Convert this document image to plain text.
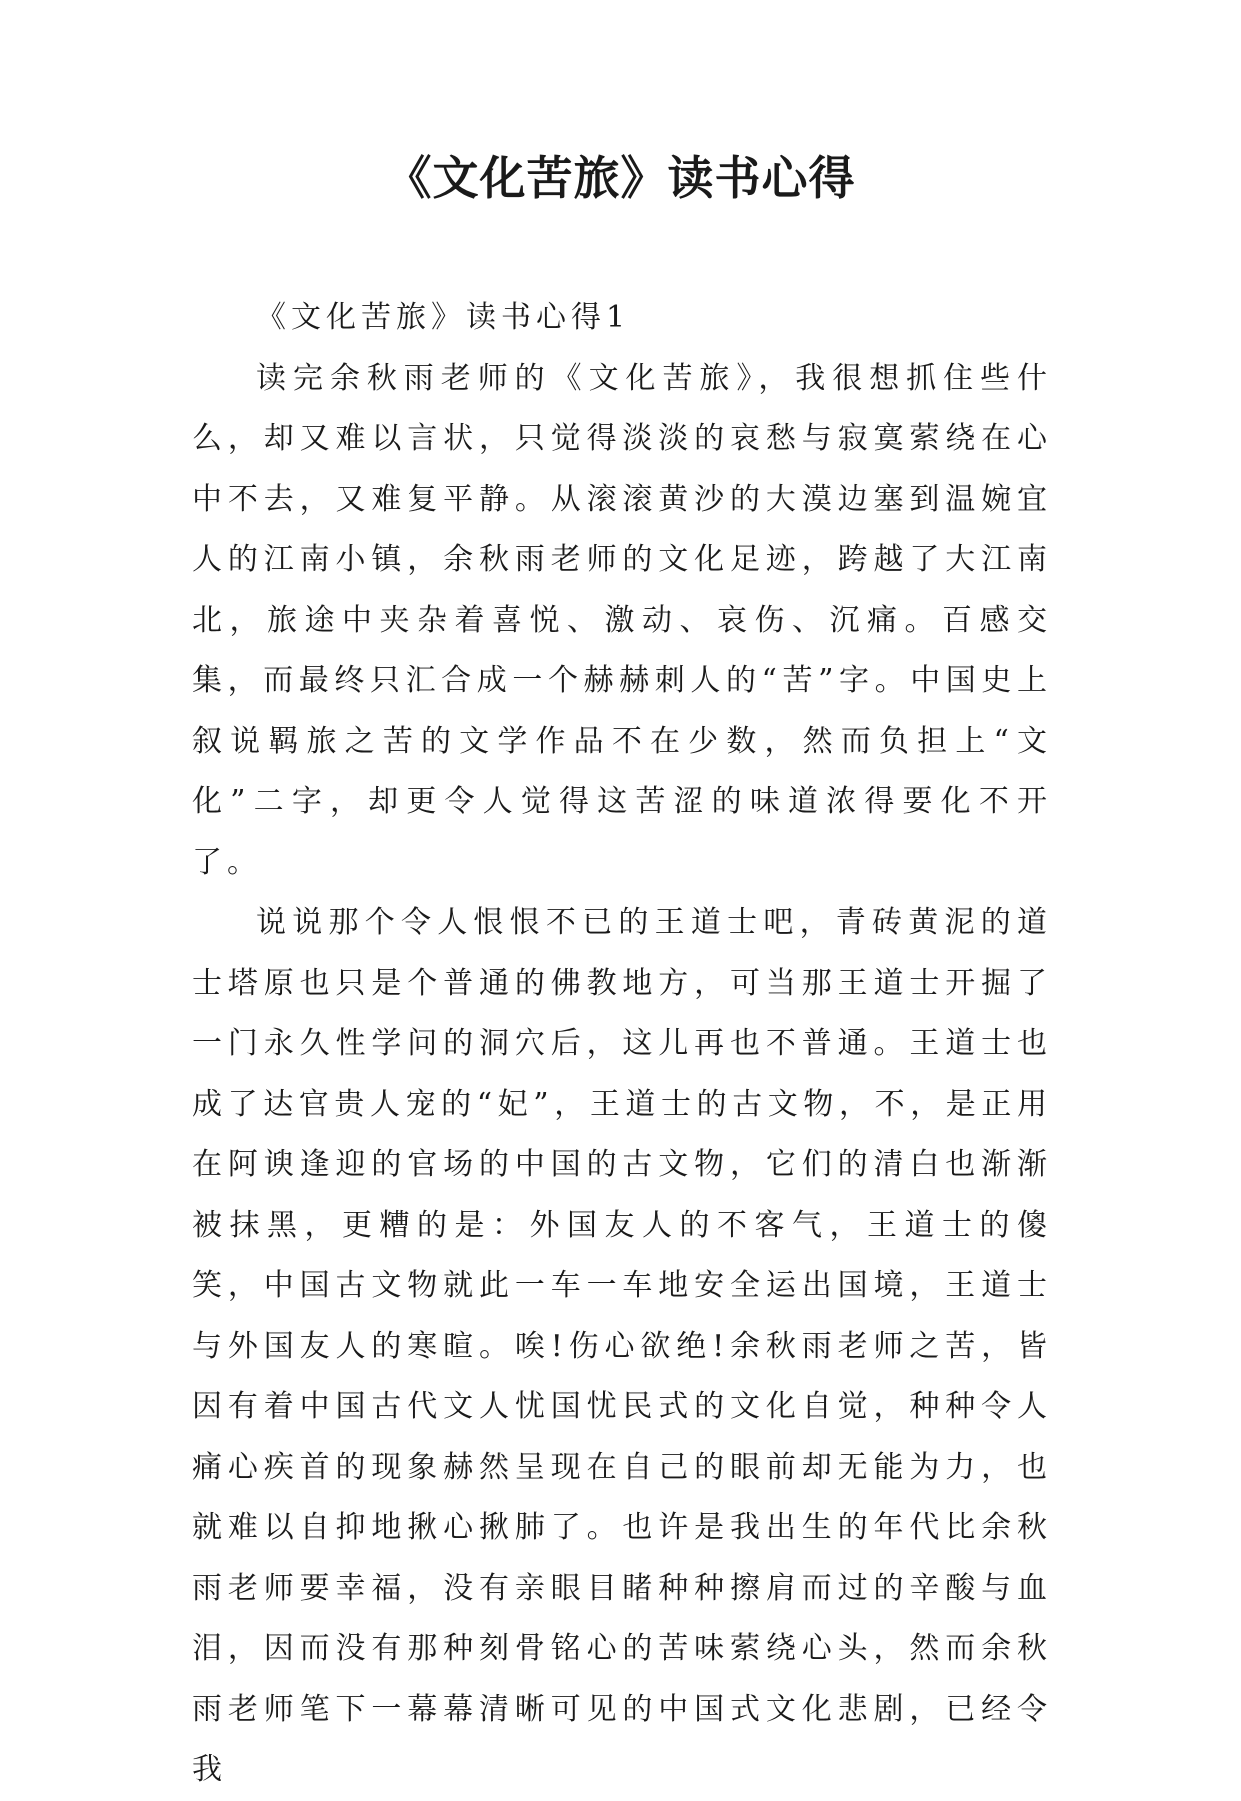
《文化苦旅》读书心得
《文化苦旅》读书心得1

读完余秋雨老师的《文化苦旅》，我很想抓住些什么，却又难以言状，只觉得淡淡的哀愁与寂寞萦绕在心中不去，又难复平静。从滚滚黄沙的大漠边塞到温婉宜人的江南小镇，余秋雨老师的文化足迹，跨越了大江南北，旅途中夹杂着喜悦、激动、哀伤、沉痛。百感交集，而最终只汇合成一个赫赫刺人的“苦”字。中国史上叙说羁旅之苦的文学作品不在少数，然而负担上“文化”二字，却更令人觉得这苦涩的味道浓得要化不开了。

说说那个令人恨恨不已的王道士吧，青砖黄泥的道士塔原也只是个普通的佛教地方，可当那王道士开掘了一门永久性学问的洞穴后，这儿再也不普通。王道士也成了达官贵人宠的“妃”，王道士的古文物，不，是正用在阿谀逢迎的官场的中国的古文物，它们的清白也渐渐被抹黑，更糟的是：外国友人的不客气，王道士的傻笑，中国古文物就此一车一车地安全运出国境，王道士与外国友人的寒暄。唉!伤心欲绝!余秋雨老师之苦，皆因有着中国古代文人忧国忧民式的文化自觉，种种令人痛心疾首的现象赫然呈现在自己的眼前却无能为力，也就难以自抑地揪心揪肺了。也许是我出生的年代比余秋雨老师要幸福，没有亲眼目睹种种擦肩而过的辛酸与血泪，因而没有那种刻骨铭心的苦味萦绕心头，然而余秋雨老师笔下一幕幕清晰可见的中国式文化悲剧，已经令我
